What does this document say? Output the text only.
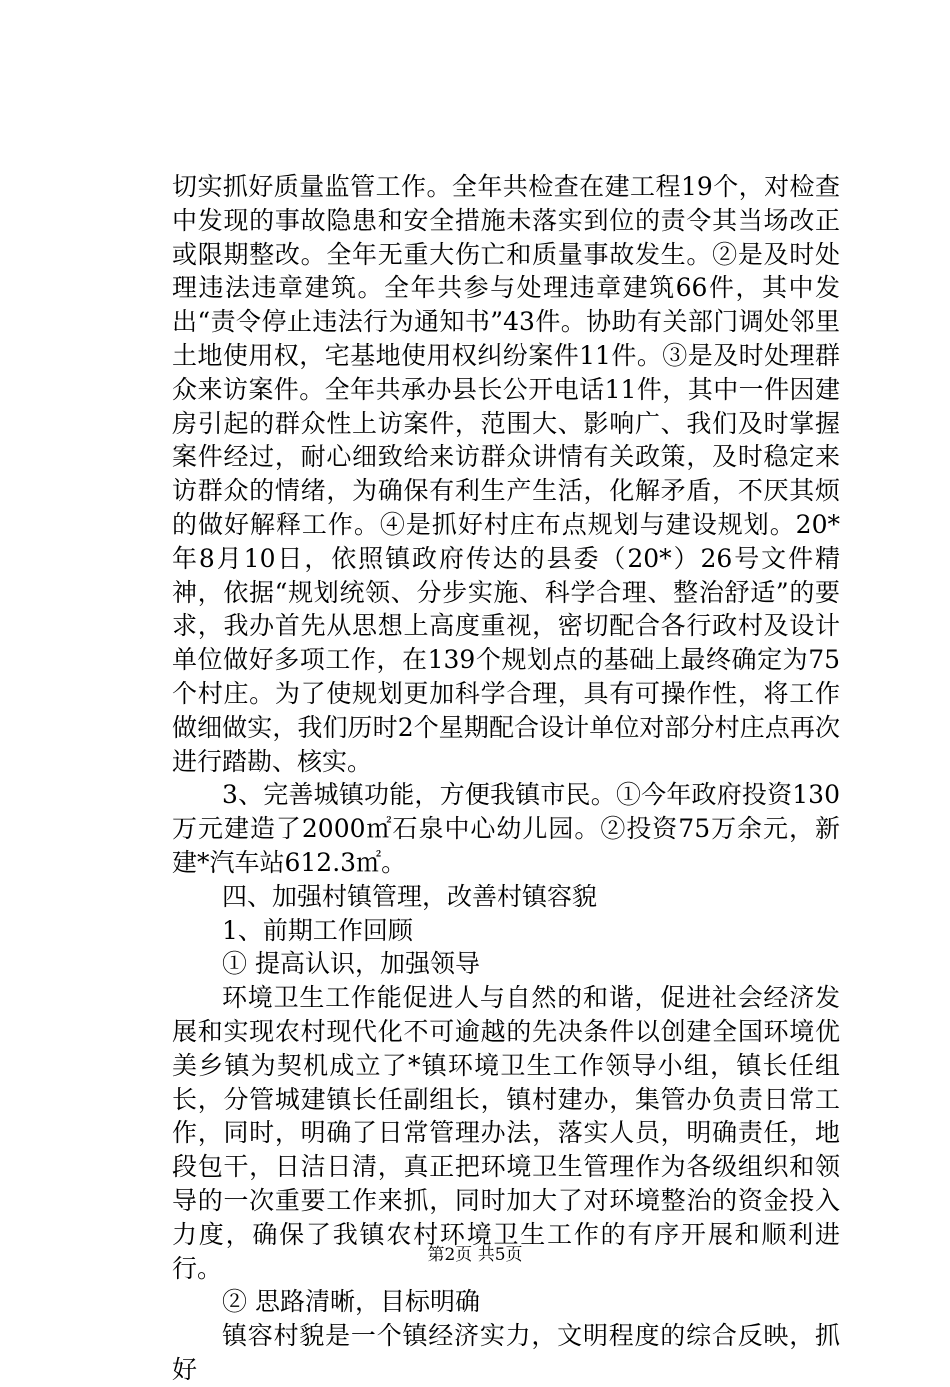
切实抓好质量监管工作。全年共检查在建工程19个，对检查中发现的事故隐患和安全措施未落实到位的责令其当场改正或限期整改。全年无重大伤亡和质量事故发生。②是及时处理违法违章建筑。全年共参与处理违章建筑66件，其中发出“责令停止违法行为通知书”43件。协助有关部门调处邻里土地使用权，宅基地使用权纠纷案件11件。③是及时处理群众来访案件。全年共承办县长公开电话11件，其中一件因建房引起的群众性上访案件，范围大、影响广、我们及时掌握案件经过，耐心细致给来访群众讲情有关政策，及时稳定来访群众的情绪，为确保有利生产生活，化解矛盾，不厌其烦的做好解释工作。④是抓好村庄布点规划与建设规划。20*年8月10日，依照镇政府传达的县委（20*）26号文件精神，依据“规划统领、分步实施、科学合理、整治舒适”的要求，我办首先从思想上高度重视，密切配合各行政村及设计单位做好多项工作，在139个规划点的基础上最终确定为75个村庄。为了使规划更加科学合理，具有可操作性，将工作做细做实，我们历时2个星期配合设计单位对部分村庄点再次进行踏勘、核实。

3、完善城镇功能，方便我镇市民。①今年政府投资130万元建造了2000㎡石泉中心幼儿园。②投资75万余元，新建*汽车站612.3㎡。

四、加强村镇管理，改善村镇容貌

1、前期工作回顾

① 提高认识，加强领导

环境卫生工作能促进人与自然的和谐，促进社会经济发展和实现农村现代化不可逾越的先决条件以创建全国环境优美乡镇为契机成立了*镇环境卫生工作领导小组，镇长任组长，分管城建镇长任副组长，镇村建办，集管办负责日常工作，同时，明确了日常管理办法，落实人员，明确责任，地段包干，日洁日清，真正把环境卫生管理作为各级组织和领导的一次重要工作来抓，同时加大了对环境整治的资金投入力度，确保了我镇农村环境卫生工作的有序开展和顺利进行。

② 思路清晰，目标明确

镇容村貌是一个镇经济实力，文明程度的综合反映，抓好

第2页 共5页
